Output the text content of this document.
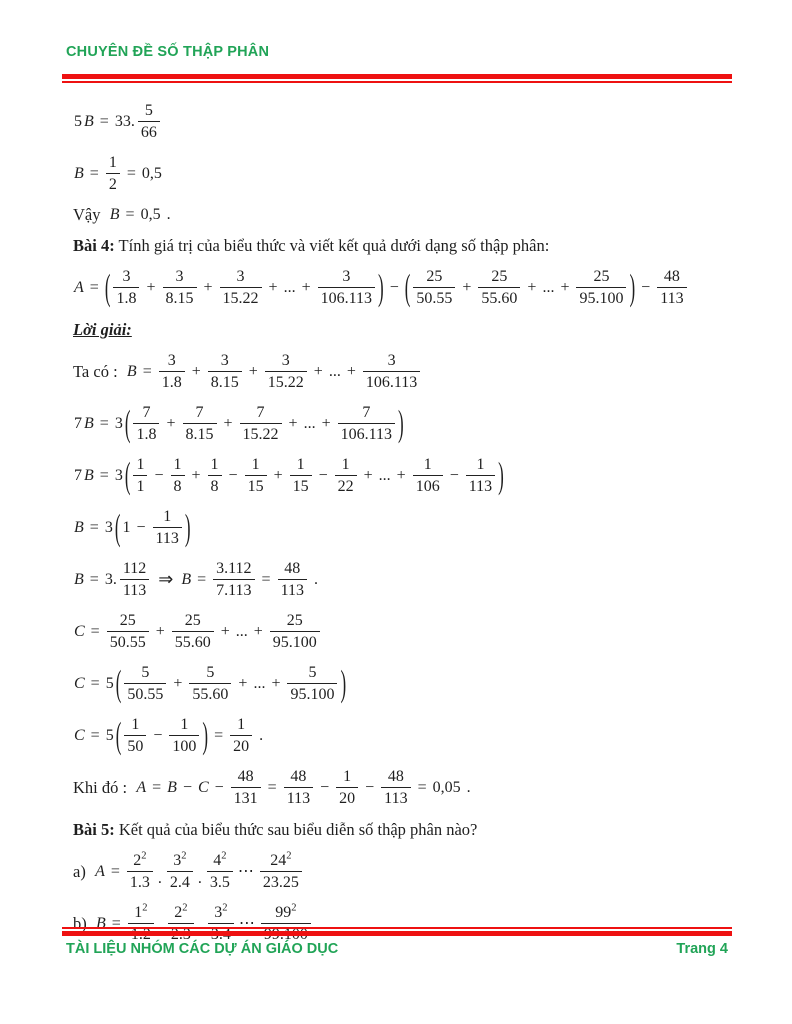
CHUYÊN ĐỀ SỐ THẬP PHÂN
5 B = 33. $\frac{5}{66}$
$B = \frac{1}{2} = 0,5$
Vậy B = 0,5 .
Bài 4: Tính giá trị của biểu thức và viết kết quả dưới dạng số thập phân:
A = ( $\frac{3}{1.8} + \frac{3}{8.15} + \frac{3}{15.22}$ + ... + $\frac{3}{106.113}$ ) − ( $\frac{25}{50.55} + \frac{25}{55.60}$ + ... + $\frac{25}{95.100}$ ) − $\frac{48}{113}$
Lời giải:
Ta có : $B = \frac{3}{1.8} + \frac{3}{8.15} + \frac{3}{15.22}$ + ... + $\frac{3}{106.113}$
7 B = 3 ( $\frac{7}{1.8} + \frac{7}{8.15} + \frac{7}{15.22}$ + ... + $\frac{7}{106.113}$ )
7 B = 3 ( $\frac{1}{1} - \frac{1}{8} + \frac{1}{8} - \frac{1}{15} + \frac{1}{15} - \frac{1}{22}$ + ... + $\frac{1}{106} - \frac{1}{113}$ )
B = 3 ( $1 - \frac{1}{113}$ )
B = 3. $\frac{112}{113}$ ⇒ $B = \frac{3.112}{7.113} = \frac{48}{113}$ .
$C = \frac{25}{50.55} + \frac{25}{55.60}$ + ... + $\frac{25}{95.100}$
C = 5 ( $\frac{5}{50.55} + \frac{5}{55.60}$ + ... + $\frac{5}{95.100}$ )
C = 5 ( $\frac{1}{50} - \frac{1}{100}$ ) = $\frac{1}{20}$ .
Khi đó : $A = B - C - \frac{48}{131} = \frac{48}{113} - \frac{1}{20} - \frac{48}{113} = 0,05$ .
Bài 5: Kết quả của biểu thức sau biểu diễn số thập phân nào?
a) $A = \frac{2^2}{1.3}$ . $\frac{3^2}{2.4}$ . $\frac{4^2}{3.5}$ ⋯ $\frac{24^2}{23.25}$
b) $B = \frac{1^2}{1.2}$ . $\frac{2^2}{2.3}$ . $\frac{3^2}{3.4}$ ⋯ $\frac{99^2}{99.100}$
TÀI LIỆU NHÓM CÁC DỰ ÁN GIÁO DỤC	Trang 4
